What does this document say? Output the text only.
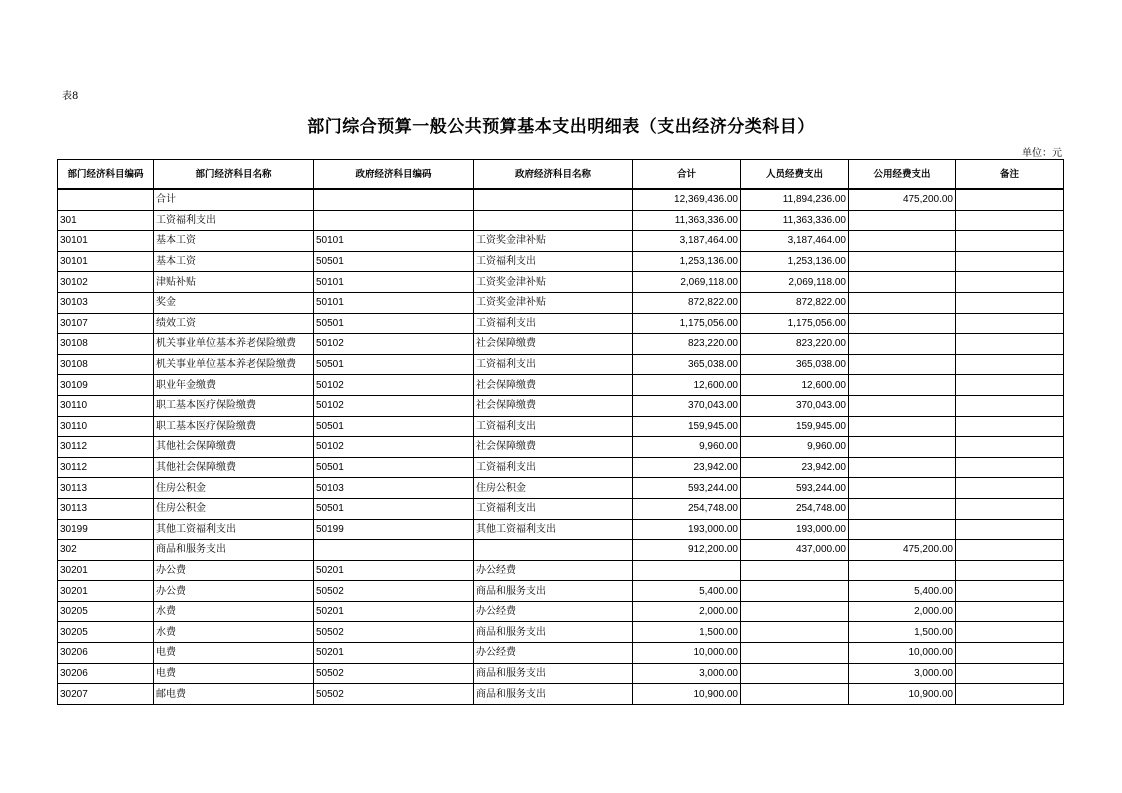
表8
部门综合预算一般公共预算基本支出明细表（支出经济分类科目）
单位：元
部门经济科目编码	部门经济科目名称	政府经济科目编码	政府经济科目名称	合计	人员经费支出	公用经费支出	备注
	合计			12,369,436.00	11,894,236.00	475,200.00	
301	工资福利支出			11,363,336.00	11,363,336.00		
30101	基本工资	50101	工资奖金津补贴	3,187,464.00	3,187,464.00		
30101	基本工资	50501	工资福利支出	1,253,136.00	1,253,136.00		
30102	津贴补贴	50101	工资奖金津补贴	2,069,118.00	2,069,118.00		
30103	奖金	50101	工资奖金津补贴	872,822.00	872,822.00		
30107	绩效工资	50501	工资福利支出	1,175,056.00	1,175,056.00		
30108	机关事业单位基本养老保险缴费	50102	社会保障缴费	823,220.00	823,220.00		
30108	机关事业单位基本养老保险缴费	50501	工资福利支出	365,038.00	365,038.00		
30109	职业年金缴费	50102	社会保障缴费	12,600.00	12,600.00		
30110	职工基本医疗保险缴费	50102	社会保障缴费	370,043.00	370,043.00		
30110	职工基本医疗保险缴费	50501	工资福利支出	159,945.00	159,945.00		
30112	其他社会保障缴费	50102	社会保障缴费	9,960.00	9,960.00		
30112	其他社会保障缴费	50501	工资福利支出	23,942.00	23,942.00		
30113	住房公积金	50103	住房公积金	593,244.00	593,244.00		
30113	住房公积金	50501	工资福利支出	254,748.00	254,748.00		
30199	其他工资福利支出	50199	其他工资福利支出	193,000.00	193,000.00		
302	商品和服务支出			912,200.00	437,000.00	475,200.00	
30201	办公费	50201	办公经费				
30201	办公费	50502	商品和服务支出	5,400.00		5,400.00	
30205	水费	50201	办公经费	2,000.00		2,000.00	
30205	水费	50502	商品和服务支出	1,500.00		1,500.00	
30206	电费	50201	办公经费	10,000.00		10,000.00	
30206	电费	50502	商品和服务支出	3,000.00		3,000.00	
30207	邮电费	50502	商品和服务支出	10,900.00		10,900.00	
